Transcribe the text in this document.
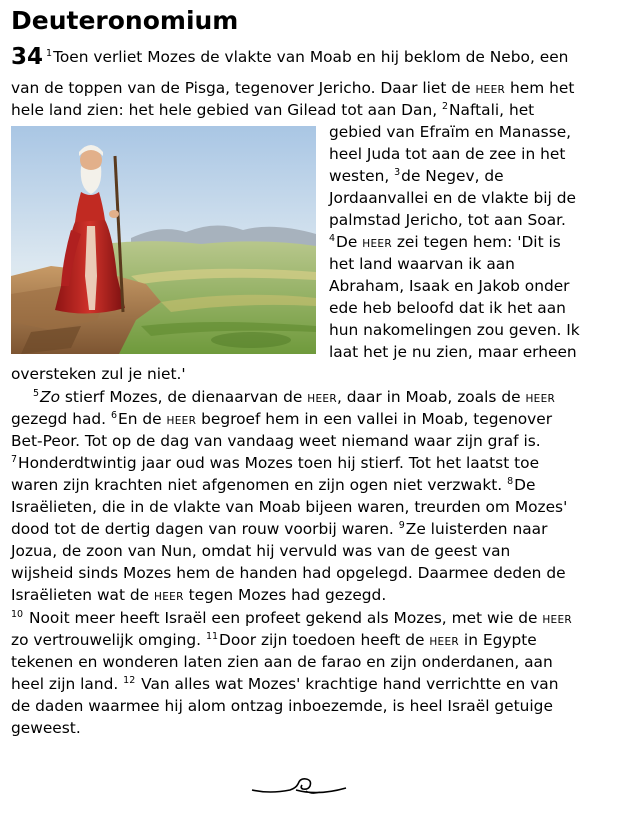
Deuteronomium
34 $^1$Toen verliet Mozes de vlakte van Moab en hij beklom de Nebo, een
van de toppen van de Pisga, tegenover Jericho. Daar liet de HEER hem het
hele land zien: het hele gebied van Gilead tot aan Dan, $^2$Naftali, het
gebied van Efraïm en Manasse,
heel Juda tot aan de zee in het
westen, $^3$de Negev, de
Jordaanvallei en de vlakte bij de
palmstad Jericho, tot aan Soar.
$^4$De HEER zei tegen hem: 'Dit is
het land waarvan ik aan
Abraham, Isaak en Jakob onder
ede heb beloofd dat ik het aan
hun nakomelingen zou geven. Ik
laat het je nu zien, maar erheen
oversteken zul je niet.'
$^5$Zo stierf Mozes, de dienaarvan de HEER, daar in Moab, zoals de HEER
gezegd had. $^6$En de HEER begroef hem in een vallei in Moab, tegenover
Bet-Peor. Tot op de dag van vandaag weet niemand waar zijn graf is.
$^7$Honderdtwintig jaar oud was Mozes toen hij stierf. Tot het laatst toe
waren zijn krachten niet afgenomen en zijn ogen niet verzwakt. $^8$De
Israëlieten, die in de vlakte van Moab bijeen waren, treurden om Mozes'
dood tot de dertig dagen van rouw voorbij waren. $^9$Ze luisterden naar
Jozua, de zoon van Nun, omdat hij vervuld was van de geest van
wijsheid sinds Mozes hem de handen had opgelegd. Daarmee deden de
Israëlieten wat de HEER tegen Mozes had gezegd.
$^{10}$ Nooit meer heeft Israël een profeet gekend als Mozes, met wie de HEER
zo vertrouwelijk omging. $^{11}$Door zijn toedoen heeft de HEER in Egypte
tekenen en wonderen laten zien aan de farao en zijn onderdanen, aan
heel zijn land. $^{12}$ Van alles wat Mozes' krachtige hand verrichtte en van
de daden waarmee hij alom ontzag inboezemde, is heel Israël getuige
geweest.
